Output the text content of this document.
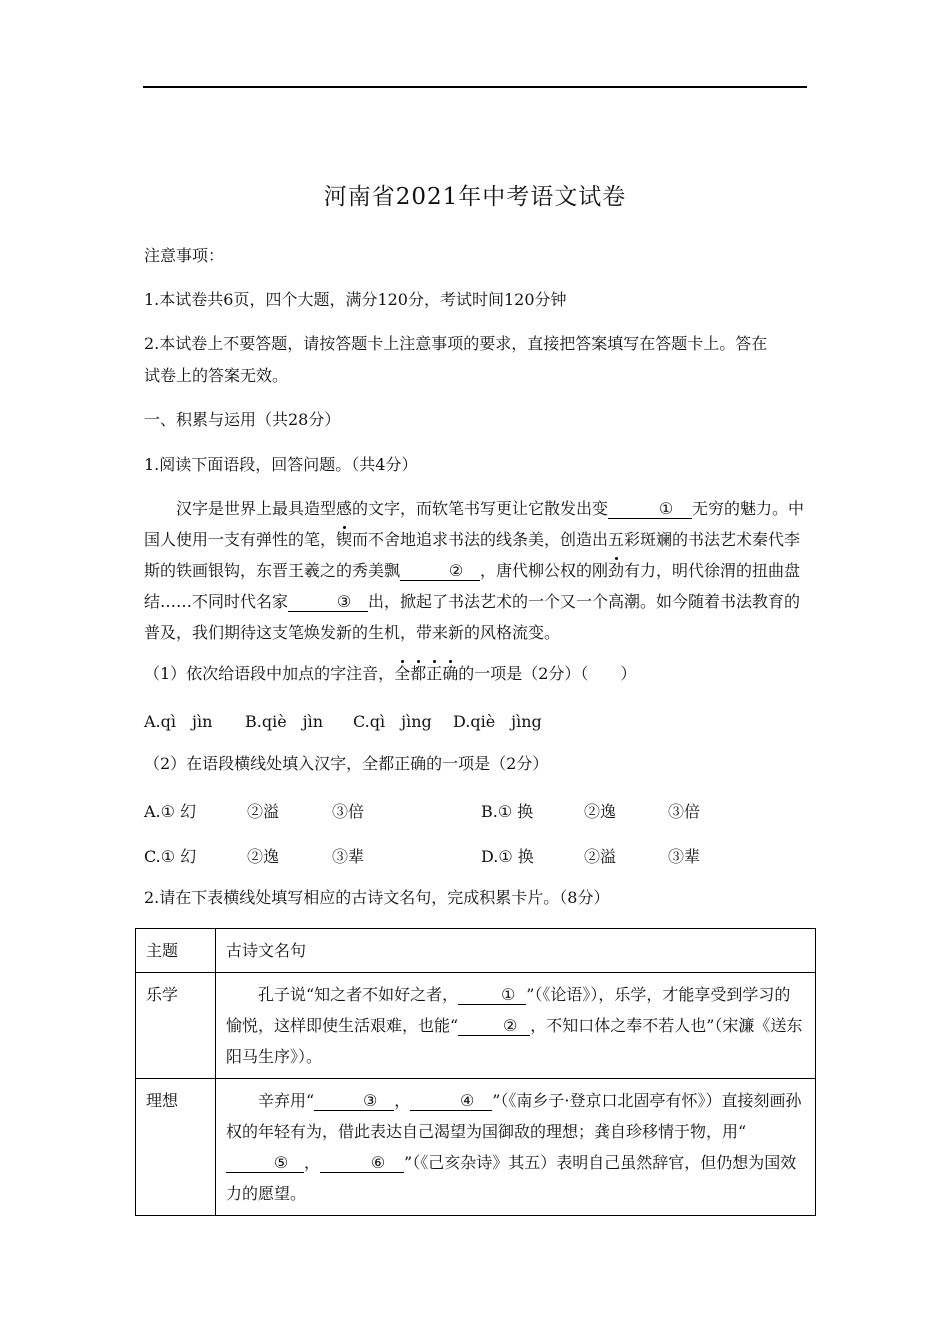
河南省2021年中考语文试卷
注意事项：
1.本试卷共6页，四个大题，满分120分，考试时间120分钟
2.本试卷上不要答题，请按答题卡上注意事项的要求，直接把答案填写在答题卡上。答在
试卷上的答案无效。
一、积累与运用（共28分）
1.阅读下面语段，回答问题。（共4分）
汉字是世界上最具造型感的文字，而软笔书写更让它散发出变	① 无穷的魅力。中国人使用一支有弹性的笔，锲而不舍地追求书法的线条美，创造出五彩斑斓的书法艺术秦代李斯的铁画银钩，东晋王羲之的秀美飘	② ，唐代柳公权的刚劲有力，明代徐渭的扭曲盘结……不同时代名家	③ 出，掀起了书法艺术的一个又一个高潮。如今随着书法教育的普及，我们期待这支笔焕发新的生机，带来新的风格流变。
（1）依次给语段中加点的字注音，全都正确的一项是（2分）（　　）
A.qì　jìn B.qiè　jìn C.qì　jìng D.qiè　jìng
（2）在语段横线处填入汉字，全都正确的一项是（2分）
A.① 幻	②溢	③倍	B.① 换	②逸	③倍
C.① 幻	②逸	③辈	D.① 换	②溢	③辈
2.请在下表横线处填写相应的古诗文名句，完成积累卡片。（8分）
主题	古诗文名句
乐学	孔子说“知之者不如好之者， ① ”（《论语》），乐学，才能享受到学习的愉悦，这样即使生活艰难，也能“ ② ，不知口体之奉不若人也”（宋濂《送东阳马生序》）。
理想	辛弃用“ ③ ， ④ ”（《南乡子·登京口北固亭有怀》）直接刻画孙权的年轻有为，借此表达自己渴望为国御敌的理想；龚自珍移情于物，用“⑤ ， ⑥ ”（《己亥杂诗》其五）表明自己虽然辞官，但仍想为国效力的愿望。
